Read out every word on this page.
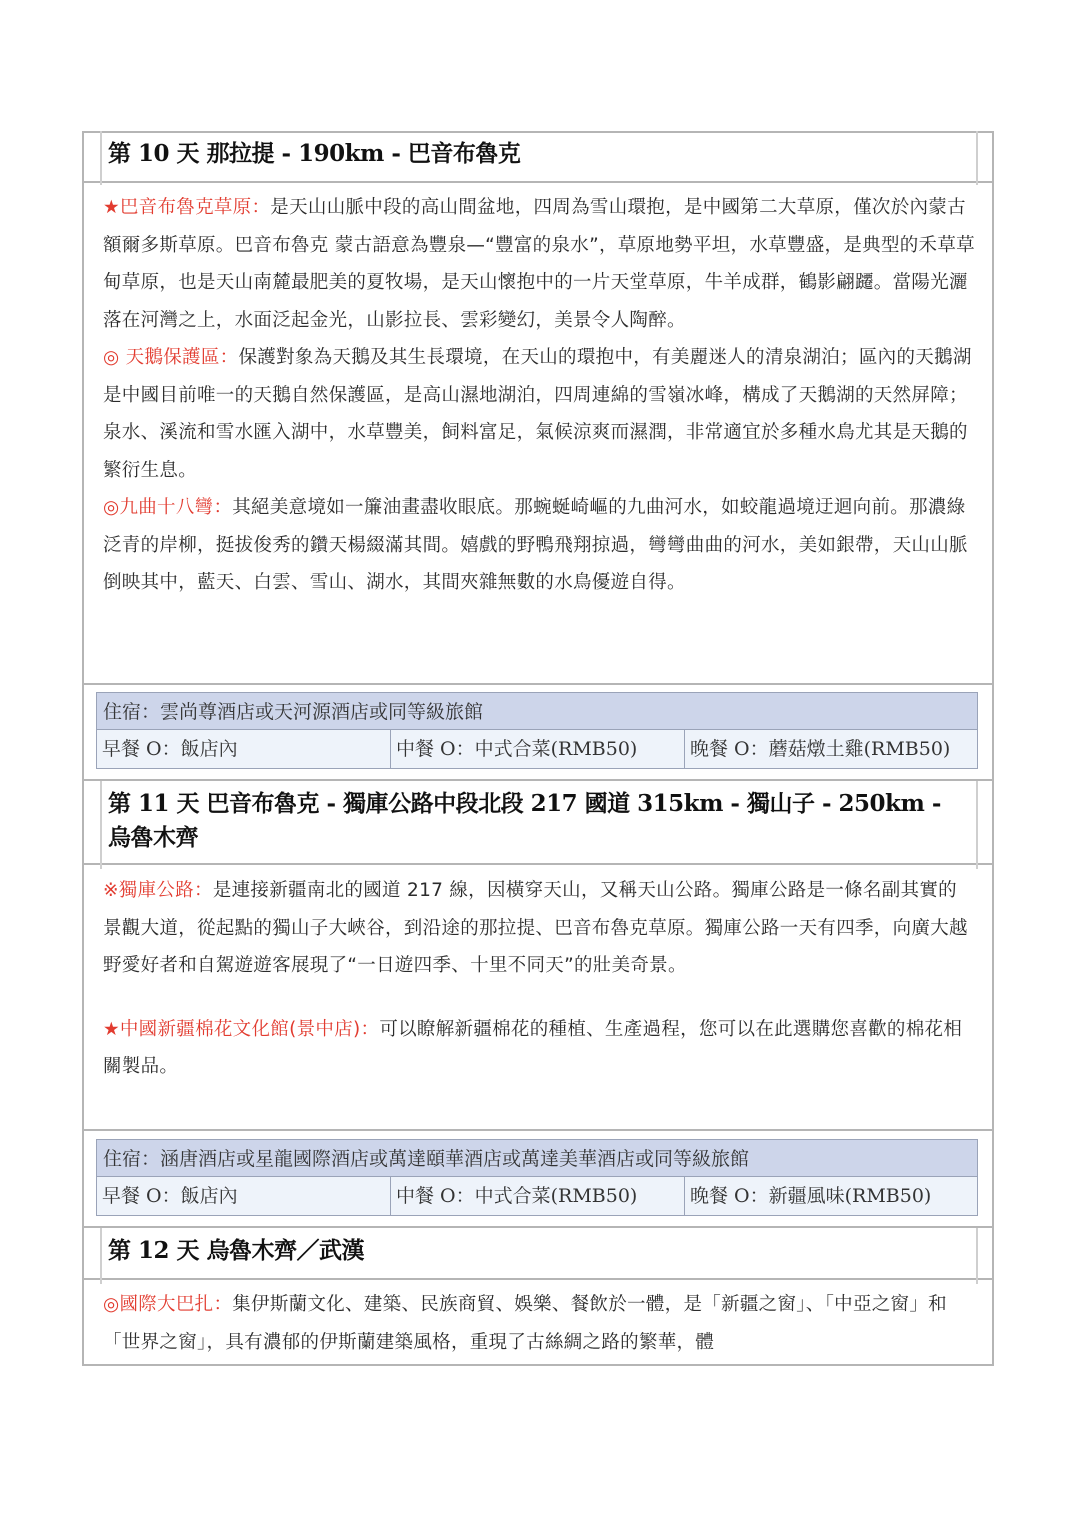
第 10 天 那拉提 - 190km - 巴音布魯克

★巴音布魯克草原：是天山山脈中段的高山間盆地，四周為雪山環抱，是中國第二大草原，僅次於內蒙古額爾多斯草原。巴音布魯克 蒙古語意為豐泉—“豐富的泉水”，草原地勢平坦，水草豐盛，是典型的禾草草甸草原，也是天山南麓最肥美的夏牧場，是天山懷抱中的一片天堂草原，牛羊成群，鶴影翩躚。當陽光灑落在河灣之上，水面泛起金光，山影拉長、雲彩變幻，美景令人陶醉。

◎ 天鵝保護區：保護對象為天鵝及其生長環境，在天山的環抱中，有美麗迷人的清泉湖泊；區內的天鵝湖是中國目前唯一的天鵝自然保護區，是高山濕地湖泊，四周連綿的雪嶺冰峰，構成了天鵝湖的天然屏障；泉水、溪流和雪水匯入湖中，水草豐美，飼料富足，氣候涼爽而濕潤，非常適宜於多種水鳥尤其是天鵝的繁衍生息。

◎九曲十八彎：其絕美意境如一簾油畫盡收眼底。那蜿蜒崎嶇的九曲河水，如蛟龍過境迂迴向前。那濃綠泛青的岸柳，挺拔俊秀的鑽天楊綴滿其間。嬉戲的野鴨飛翔掠過，彎彎曲曲的河水，美如銀帶，天山山脈倒映其中，藍天、白雲、雪山、湖水，其間夾雜無數的水鳥優遊自得。

住宿：雲尚尊酒店或天河源酒店或同等級旅館
早餐 O：飯店內	中餐 O：中式合菜(RMB50)	晚餐 O：蘑菇燉土雞(RMB50)
第 11 天 巴音布魯克 - 獨庫公路中段北段 217 國道 315km - 獨山子 - 250km - 烏魯木齊

※獨庫公路：是連接新疆南北的國道 217 線，因橫穿天山，又稱天山公路。獨庫公路是一條名副其實的景觀大道，從起點的獨山子大峽谷，到沿途的那拉提、巴音布魯克草原。獨庫公路一天有四季，向廣大越野愛好者和自駕遊遊客展現了“一日遊四季、十里不同天”的壯美奇景。

★中國新疆棉花文化館(景中店)：可以瞭解新疆棉花的種植、生產過程，您可以在此選購您喜歡的棉花相關製品。

住宿：涵唐酒店或星龍國際酒店或萬達頤華酒店或萬達美華酒店或同等級旅館
早餐 O：飯店內	中餐 O：中式合菜(RMB50)	晚餐 O：新疆風味(RMB50)
第 12 天 烏魯木齊／武漢

◎國際大巴扎：集伊斯蘭文化、建築、民族商貿、娛樂、餐飲於一體，是「新疆之窗」、「中亞之窗」和「世界之窗」，具有濃郁的伊斯蘭建築風格，重現了古絲綢之路的繁華，體
